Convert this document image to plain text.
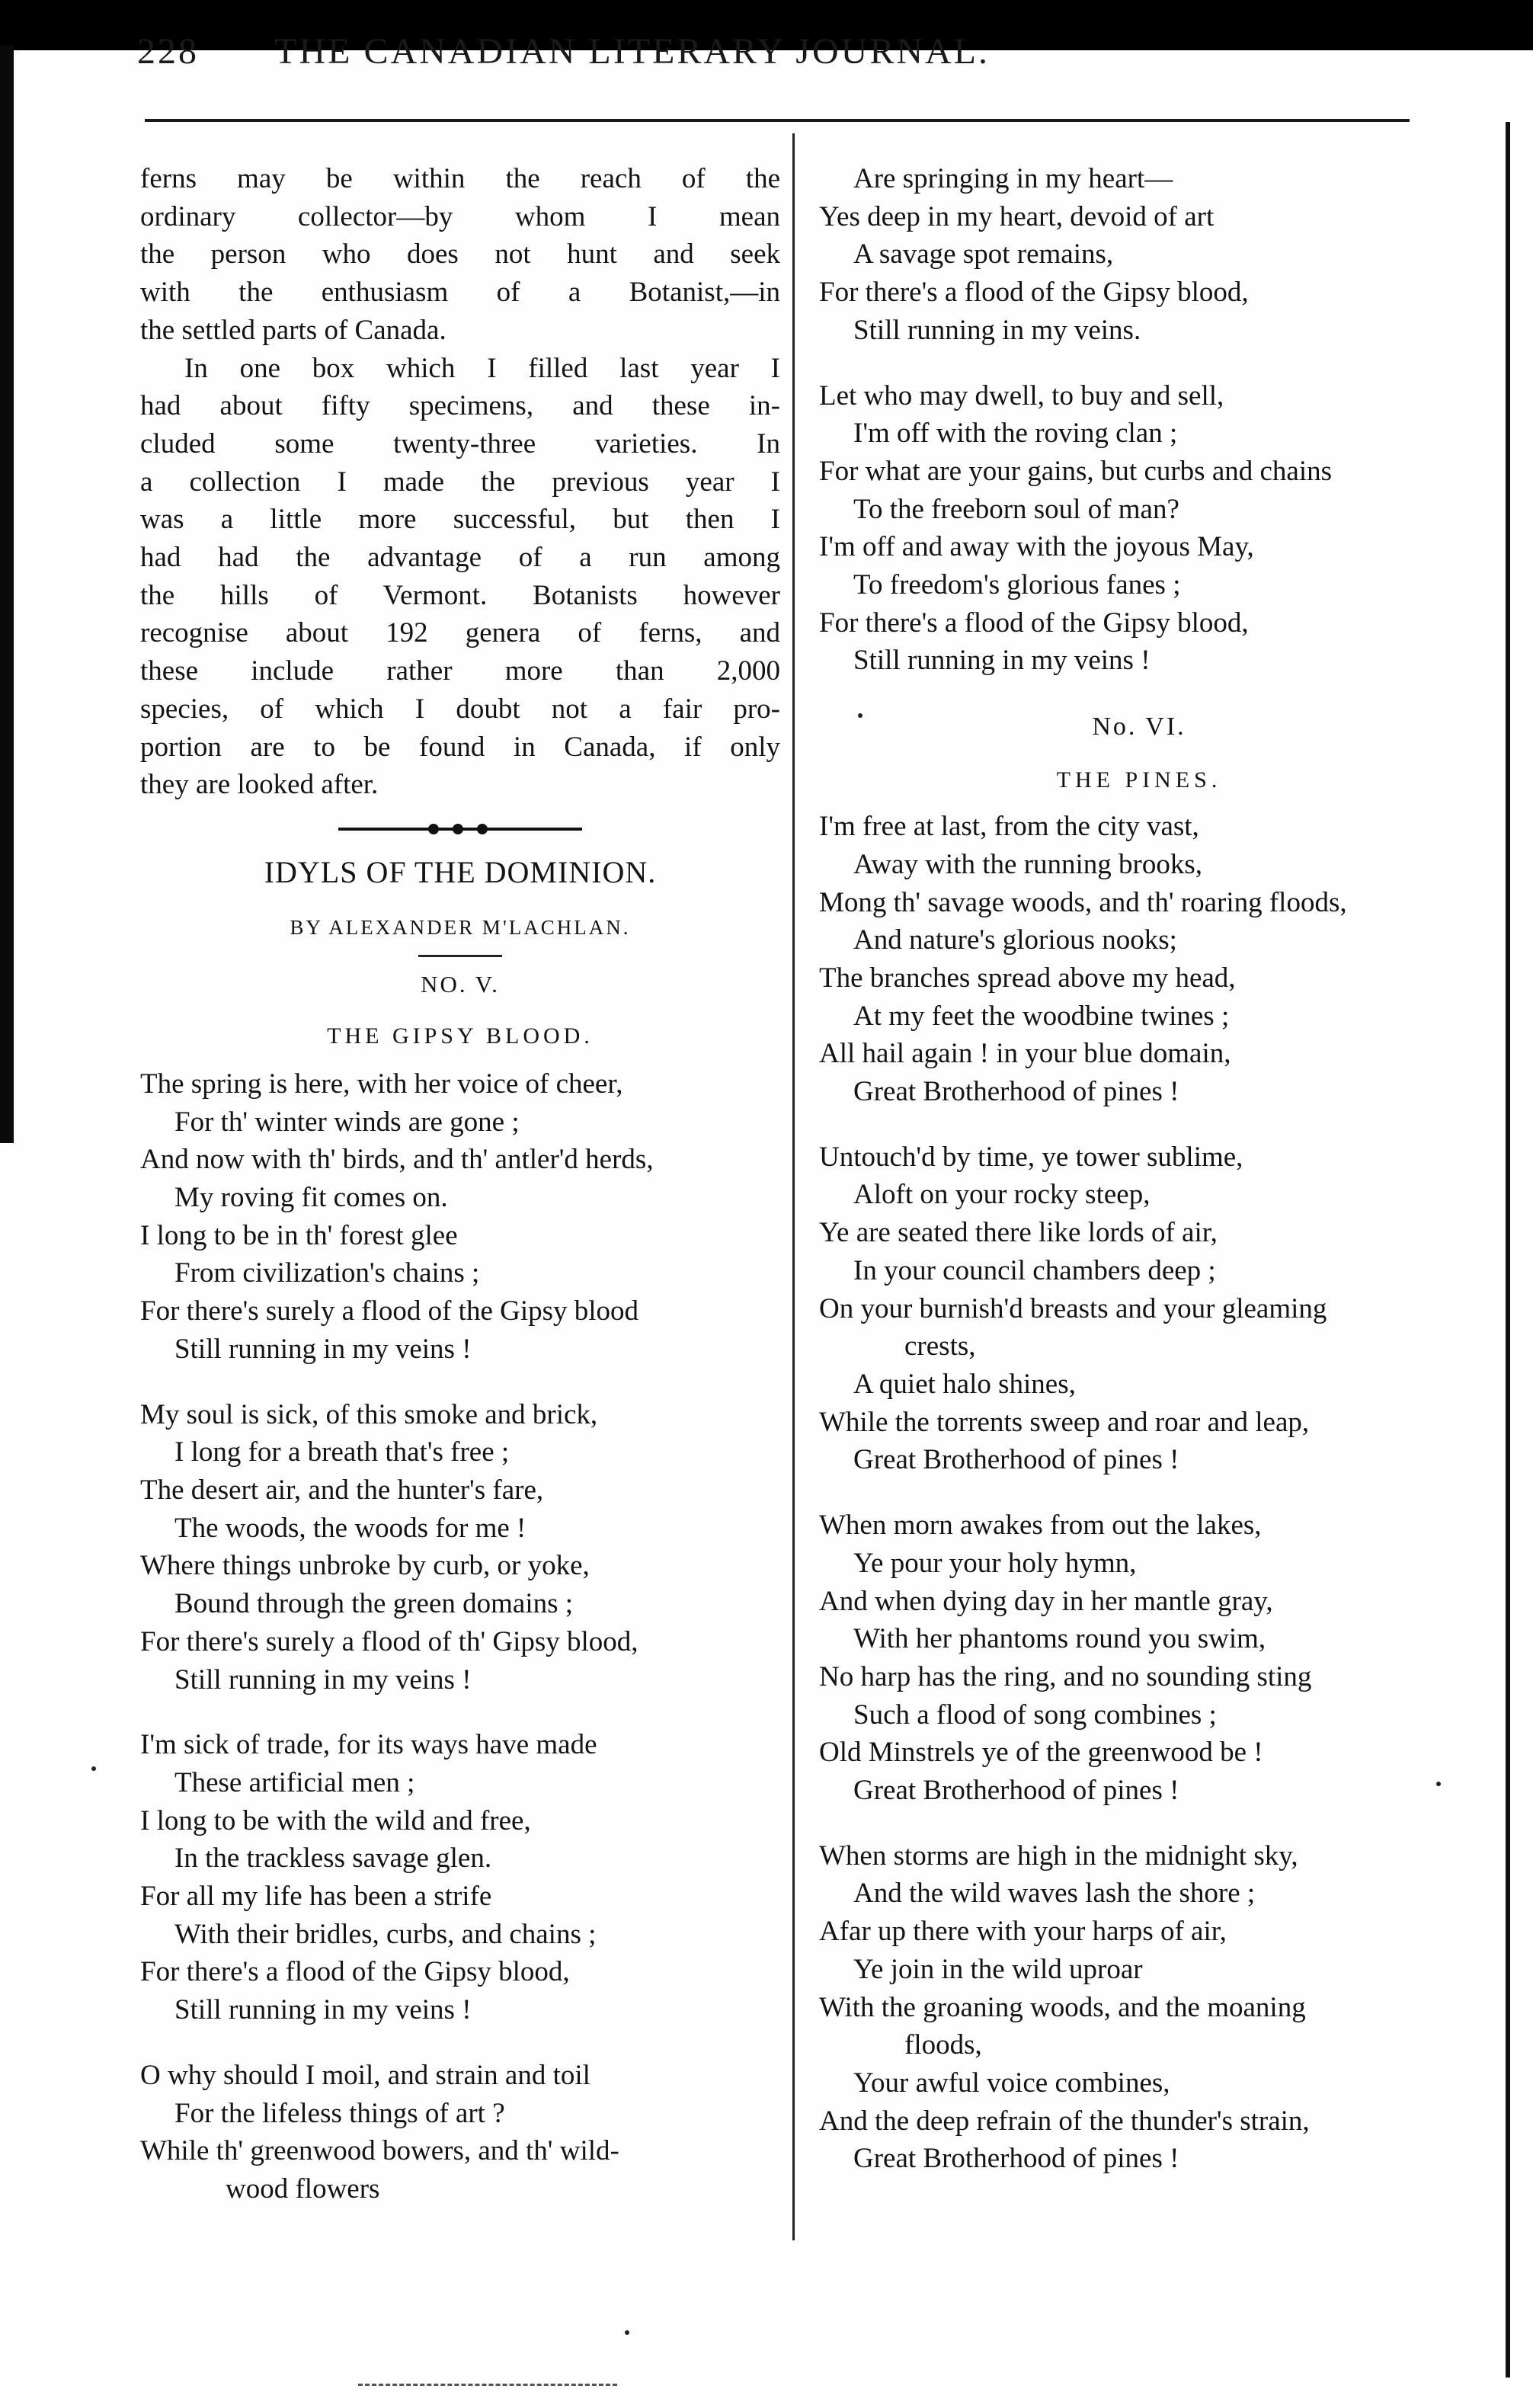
228 THE CANADIAN LITERARY JOURNAL.

ferns may be within the reach of the

ordinary collector—by whom I mean

the person who does not hunt and seek

with the enthusiasm of a Botanist,—in

the settled parts of Canada.

In one box which I filled last year I

had about fifty specimens, and these in-

cluded some twenty-three varieties. In

a collection I made the previous year I

was a little more successful, but then I

had had the advantage of a run among

the hills of Vermont. Botanists however

recognise about 192 genera of ferns, and

these include rather more than 2,000

species, of which I doubt not a fair pro-

portion are to be found in Canada, if only

they are looked after.

IDYLS OF THE DOMINION.
BY ALEXANDER M'LACHLAN.
NO. V.
THE GIPSY BLOOD.
The spring is here, with her voice of cheer,
For th' winter winds are gone ;
And now with th' birds, and th' antler'd herds,
My roving fit comes on.
I long to be in th' forest glee
From civilization's chains ;
For there's surely a flood of the Gipsy blood
Still running in my veins !
My soul is sick, of this smoke and brick,
I long for a breath that's free ;
The desert air, and the hunter's fare,
The woods, the woods for me !
Where things unbroke by curb, or yoke,
Bound through the green domains ;
For there's surely a flood of th' Gipsy blood,
Still running in my veins !
I'm sick of trade, for its ways have made
These artificial men ;
I long to be with the wild and free,
In the trackless savage glen.
For all my life has been a strife
With their bridles, curbs, and chains ;
For there's a flood of the Gipsy blood,
Still running in my veins !
O why should I moil, and strain and toil
For the lifeless things of art ?
While th' greenwood bowers, and th' wild-
wood flowers
Are springing in my heart—
Yes deep in my heart, devoid of art
A savage spot remains,
For there's a flood of the Gipsy blood,
Still running in my veins.
Let who may dwell, to buy and sell,
I'm off with the roving clan ;
For what are your gains, but curbs and chains
To the freeborn soul of man?
I'm off and away with the joyous May,
To freedom's glorious fanes ;
For there's a flood of the Gipsy blood,
Still running in my veins !
No. VI.
THE PINES.
I'm free at last, from the city vast,
Away with the running brooks,
Mong th' savage woods, and th' roaring floods,
And nature's glorious nooks;
The branches spread above my head,
At my feet the woodbine twines ;
All hail again ! in your blue domain,
Great Brotherhood of pines !
Untouch'd by time, ye tower sublime,
Aloft on your rocky steep,
Ye are seated there like lords of air,
In your council chambers deep ;
On your burnish'd breasts and your gleaming
crests,
A quiet halo shines,
While the torrents sweep and roar and leap,
Great Brotherhood of pines !
When morn awakes from out the lakes,
Ye pour your holy hymn,
And when dying day in her mantle gray,
With her phantoms round you swim,
No harp has the ring, and no sounding sting
Such a flood of song combines ;
Old Minstrels ye of the greenwood be !
Great Brotherhood of pines !
When storms are high in the midnight sky,
And the wild waves lash the shore ;
Afar up there with your harps of air,
Ye join in the wild uproar
With the groaning woods, and the moaning
floods,
Your awful voice combines,
And the deep refrain of the thunder's strain,
Great Brotherhood of pines !
